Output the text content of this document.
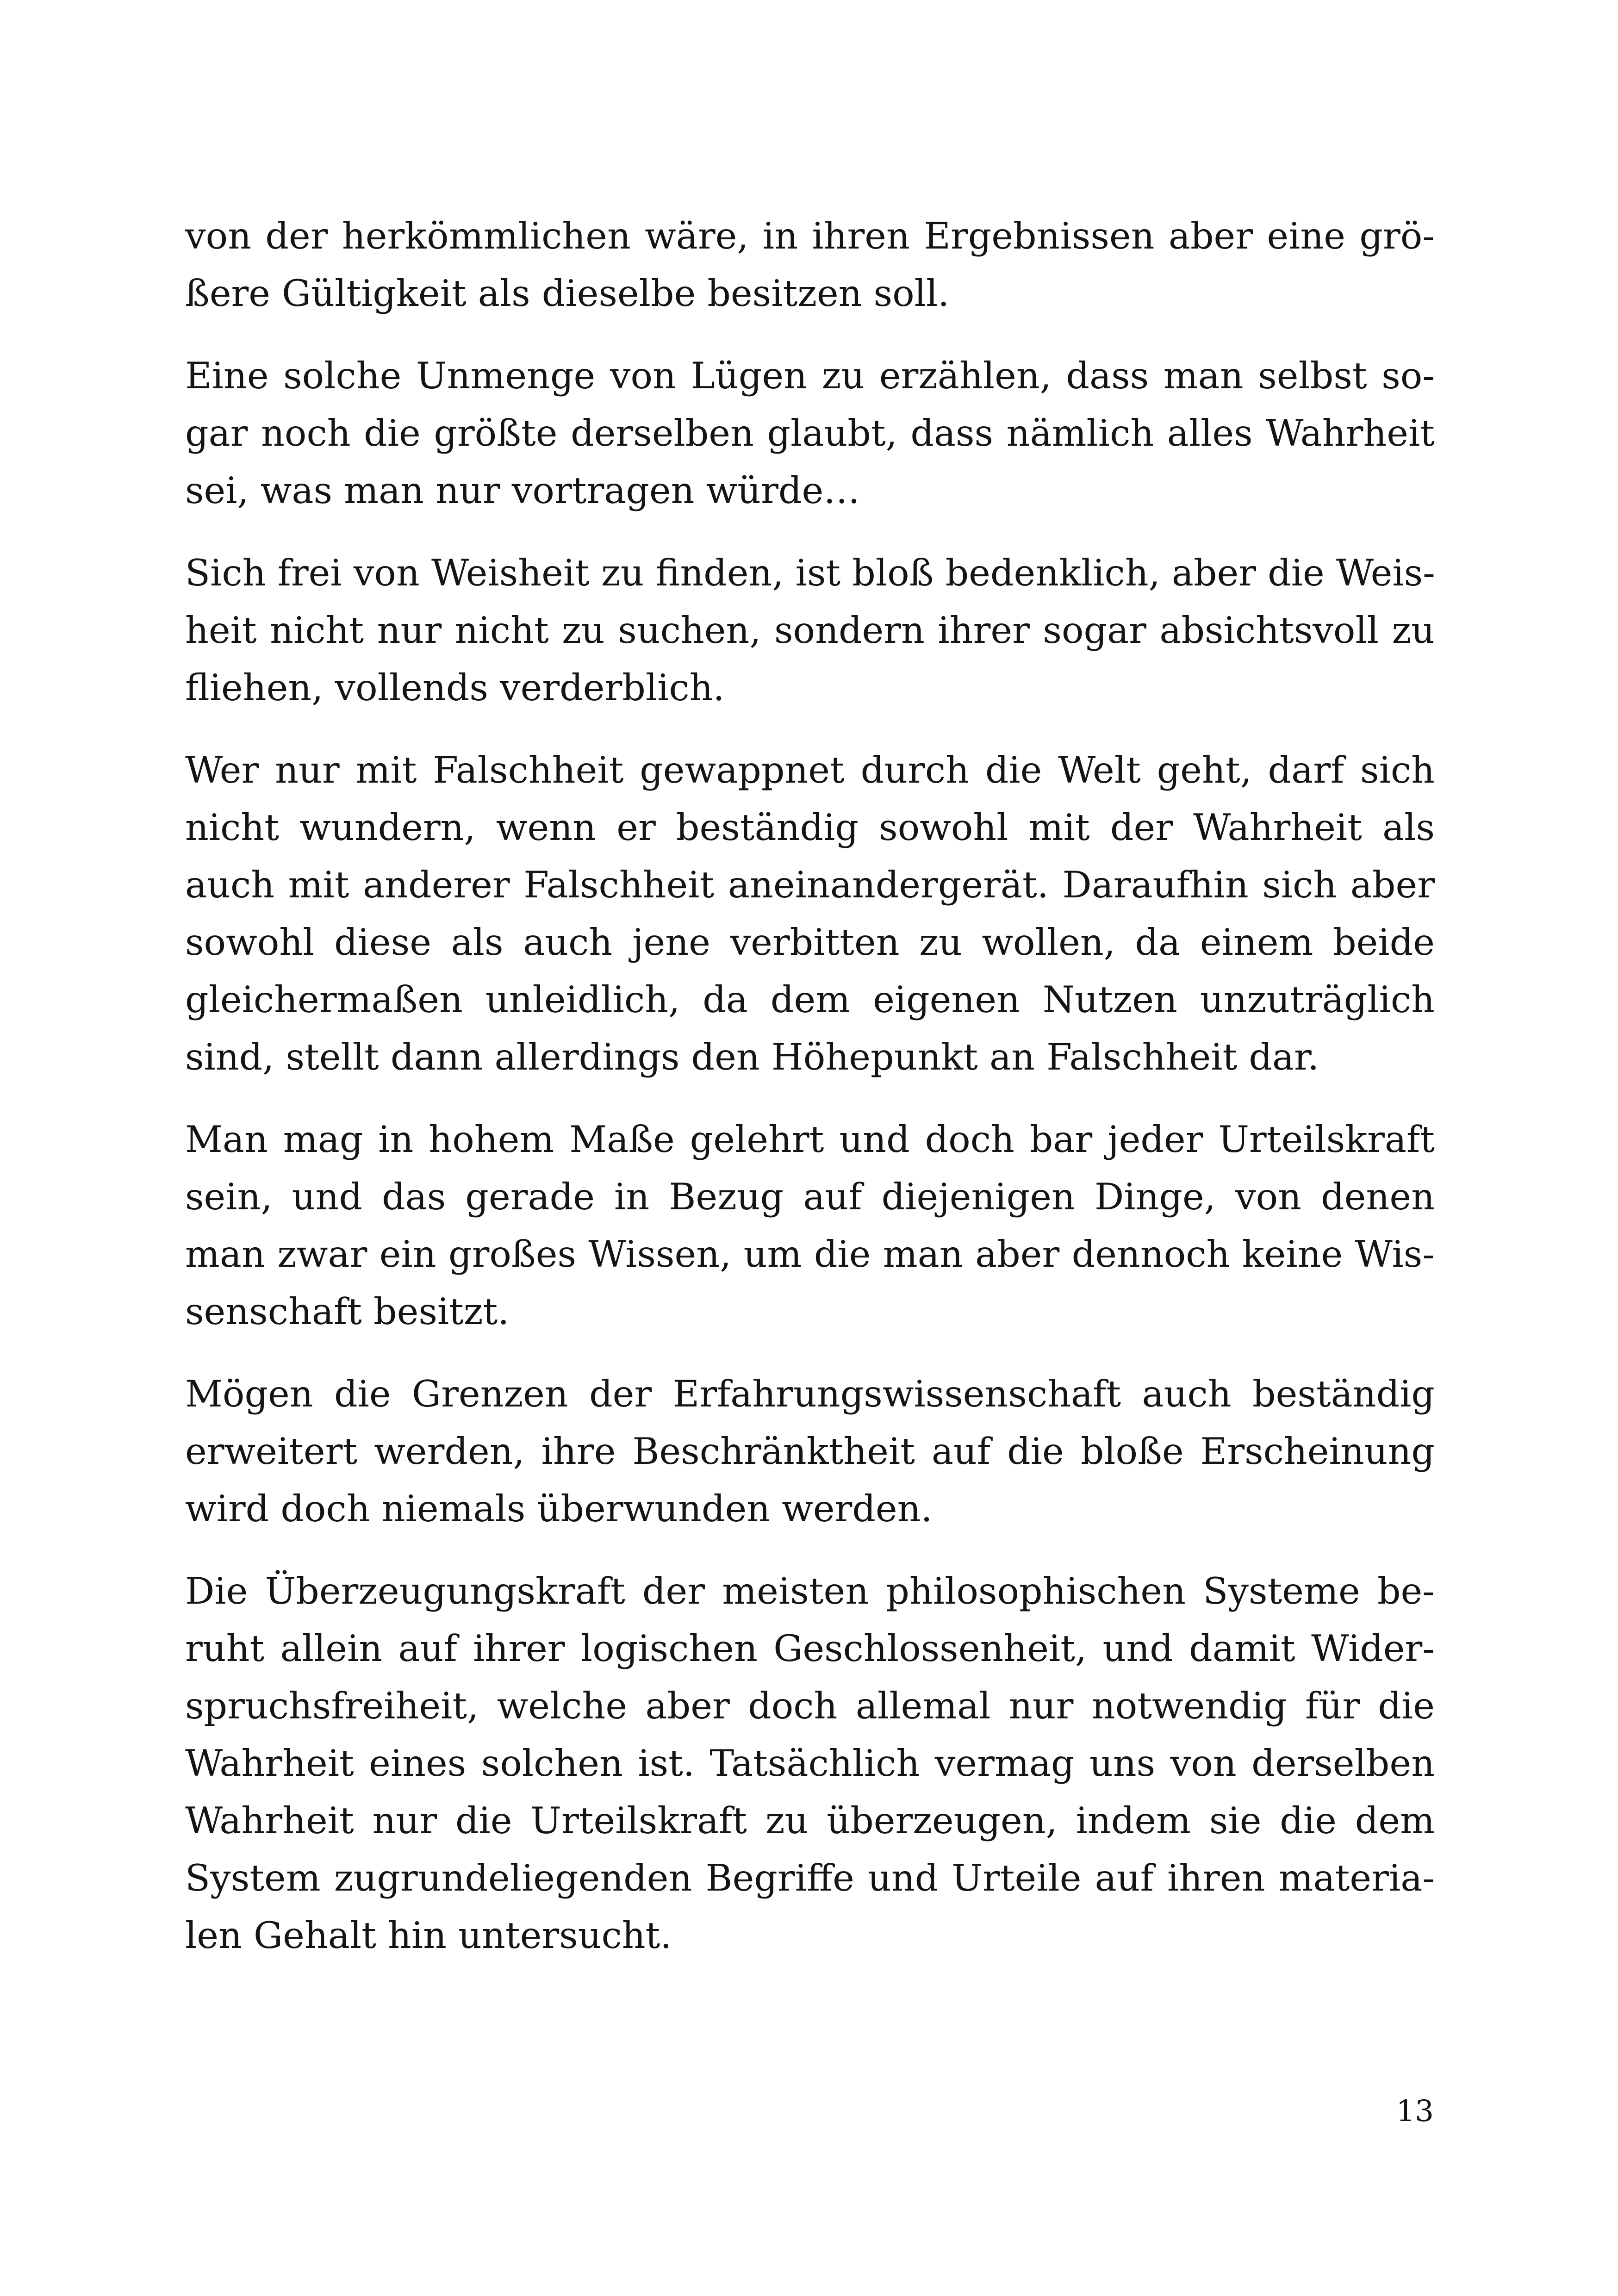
von der herkömmlichen wäre, in ihren Ergebnissen aber eine grö-
ßere Gültigkeit als dieselbe besitzen soll.
Eine solche Unmenge von Lügen zu erzählen, dass man selbst so-
gar noch die größte derselben glaubt, dass nämlich alles Wahrheit
sei, was man nur vortragen würde…
Sich frei von Weisheit zu finden, ist bloß bedenklich, aber die Weis-
heit nicht nur nicht zu suchen, sondern ihrer sogar absichtsvoll zu
fliehen, vollends verderblich.
Wer nur mit Falschheit gewappnet durch die Welt geht, darf sich
nicht wundern, wenn er beständig sowohl mit der Wahrheit als
auch mit anderer Falschheit aneinandergerät. Daraufhin sich aber
sowohl diese als auch jene verbitten zu wollen, da einem beide
gleichermaßen unleidlich, da dem eigenen Nutzen unzuträglich
sind, stellt dann allerdings den Höhepunkt an Falschheit dar.
Man mag in hohem Maße gelehrt und doch bar jeder Urteilskraft
sein, und das gerade in Bezug auf diejenigen Dinge, von denen
man zwar ein großes Wissen, um die man aber dennoch keine Wis-
senschaft besitzt.
Mögen die Grenzen der Erfahrungswissenschaft auch beständig
erweitert werden, ihre Beschränktheit auf die bloße Erscheinung
wird doch niemals überwunden werden.
Die Überzeugungskraft der meisten philosophischen Systeme be-
ruht allein auf ihrer logischen Geschlossenheit, und damit Wider-
spruchsfreiheit, welche aber doch allemal nur notwendig für die
Wahrheit eines solchen ist. Tatsächlich vermag uns von derselben
Wahrheit nur die Urteilskraft zu überzeugen, indem sie die dem
System zugrundeliegenden Begriffe und Urteile auf ihren materia-
len Gehalt hin untersucht.
13
